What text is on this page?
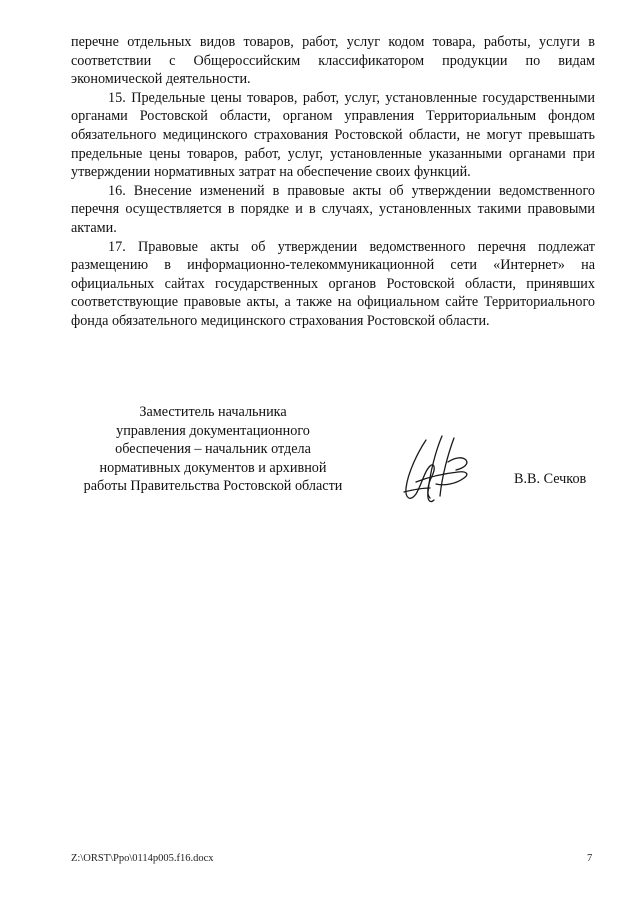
перечне отдельных видов товаров, работ, услуг кодом товара, работы, услуги в соответствии с Общероссийским классификатором продукции по видам экономической деятельности.

15. Предельные цены товаров, работ, услуг, установленные государственными органами Ростовской области, органом управления Территориальным фондом обязательного медицинского страхования Ростовской области, не могут превышать предельные цены товаров, работ, услуг, установленные указанными органами при утверждении нормативных затрат на обеспечение своих функций.

16. Внесение изменений в правовые акты об утверждении ведомственного перечня осуществляется в порядке и в случаях, установленных такими правовыми актами.

17. Правовые акты об утверждении ведомственного перечня подлежат размещению в информационно-телекоммуникационной сети «Интернет» на официальных сайтах государственных органов Ростовской области, принявших соответствующие правовые акты, а также на официальном сайте Территориального фонда обязательного медицинского страхования Ростовской области.

Заместитель начальника
управления документационного
обеспечения – начальник отдела
нормативных документов и архивной
работы Правительства Ростовской области	В.В. Сечков
Z:\ORST\Ppo\0114p005.f16.docx	7
